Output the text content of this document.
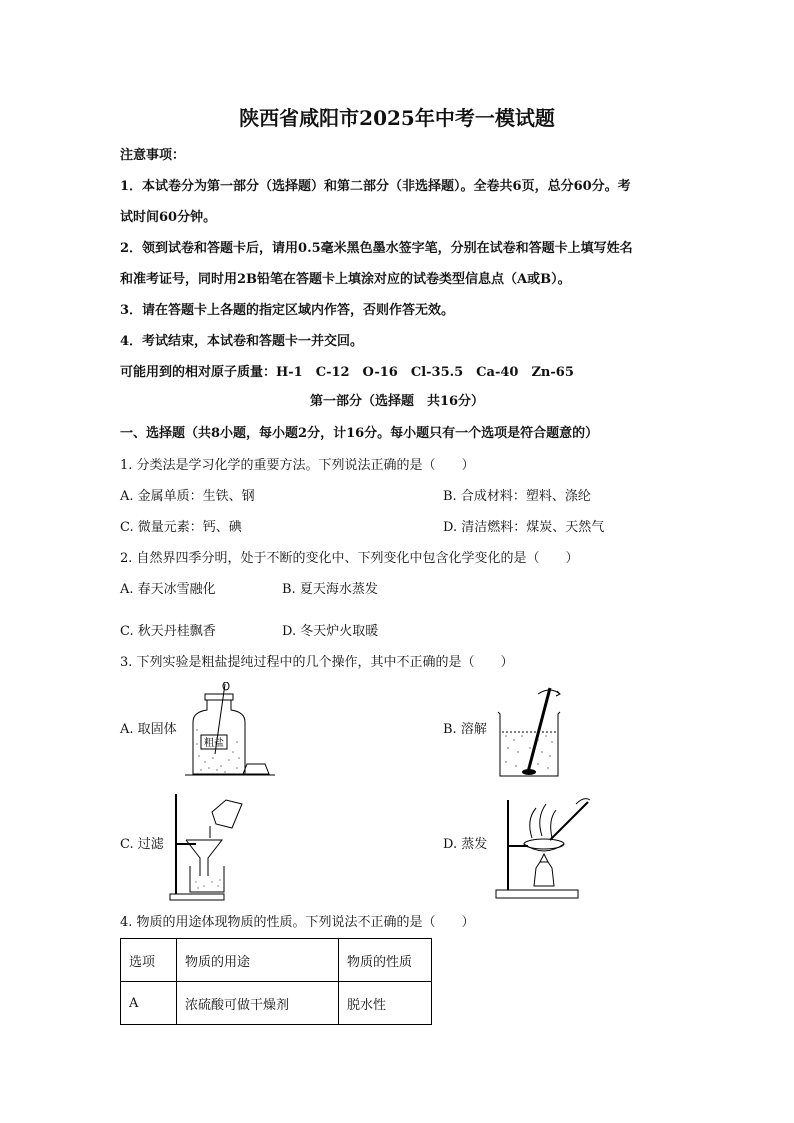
陕西省咸阳市2025年中考一模试题
注意事项：
1．本试卷分为第一部分（选择题）和第二部分（非选择题）。全卷共6页，总分60分。考
试时间60分钟。
2．领到试卷和答题卡后，请用0.5毫米黑色墨水签字笔，分别在试卷和答题卡上填写姓名
和准考证号，同时用2B铅笔在答题卡上填涂对应的试卷类型信息点（A或B）。
3．请在答题卡上各题的指定区域内作答，否则作答无效。
4．考试结束，本试卷和答题卡一并交回。
可能用到的相对原子质量：H-1　C-12　O-16　Cl-35.5　Ca-40　Zn-65
第一部分（选择题　共16分）
一、选择题（共8小题，每小题2分，计16分。每小题只有一个选项是符合题意的）
1. 分类法是学习化学的重要方法。下列说法正确的是（　　）
A. 金属单质：生铁、钢	B. 合成材料：塑料、涤纶
C. 微量元素：钙、碘	D. 清洁燃料：煤炭、天然气
2. 自然界四季分明，处于不断的变化中、下列变化中包含化学变化的是（　　）
A. 春天冰雪融化	B. 夏天海水蒸发
C. 秋天丹桂飘香	D. 冬天炉火取暖
3. 下列实验是粗盐提纯过程中的几个操作，其中不正确的是（　　）
A. 取固体	B. 溶解
C. 过滤	D. 蒸发
粗盐
4. 物质的用途体现物质的性质。下列说法不正确的是（　　）
选项	物质的用途	物质的性质
A	浓硫酸可做干燥剂	脱水性
